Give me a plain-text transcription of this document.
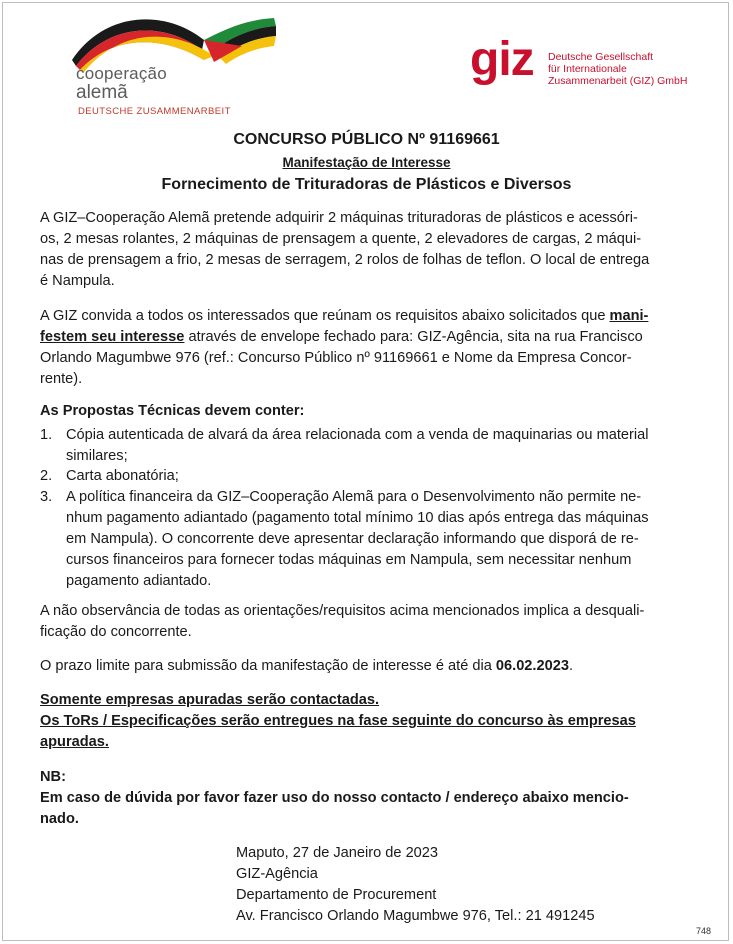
cooperação
alemã
DEUTSCHE ZUSAMMENARBEIT
giz Deutsche Gesellschaft
für Internationale
Zusammenarbeit (GIZ) GmbH
CONCURSO PÚBLICO Nº 91169661
Manifestação de Interesse
Fornecimento de Trituradoras de Plásticos e Diversos
A GIZ–Cooperação Alemã pretende adquirir 2 máquinas trituradoras de plásticos e acessóri-
os, 2 mesas rolantes, 2 máquinas de prensagem a quente, 2 elevadores de cargas, 2 máqui-
nas de prensagem a frio, 2 mesas de serragem, 2 rolos de folhas de teflon. O local de entrega
é Nampula.
A GIZ convida a todos os interessados que reúnam os requisitos abaixo solicitados que mani-
festem seu interesse através de envelope fechado para: GIZ-Agência, sita na rua Francisco
Orlando Magumbwe 976 (ref.: Concurso Público nº 91169661 e Nome da Empresa Concor-
rente).
As Propostas Técnicas devem conter:
1. Cópia autenticada de alvará da área relacionada com a venda de maquinarias ou material
similares;
2. Carta abonatória;
3. A política financeira da GIZ–Cooperação Alemã para o Desenvolvimento não permite ne-
nhum pagamento adiantado (pagamento total mínimo 10 dias após entrega das máquinas
em Nampula). O concorrente deve apresentar declaração informando que disporá de re-
cursos financeiros para fornecer todas máquinas em Nampula, sem necessitar nenhum
pagamento adiantado.
A não observância de todas as orientações/requisitos acima mencionados implica a desquali-
ficação do concorrente.
O prazo limite para submissão da manifestação de interesse é até dia 06.02.2023.
Somente empresas apuradas serão contactadas.
Os ToRs / Especificações serão entregues na fase seguinte do concurso às empresas
apuradas.
NB:
Em caso de dúvida por favor fazer uso do nosso contacto / endereço abaixo mencio-
nado.
Maputo, 27 de Janeiro de 2023
GIZ-Agência
Departamento de Procurement
Av. Francisco Orlando Magumbwe 976, Tel.: 21 491245
748
